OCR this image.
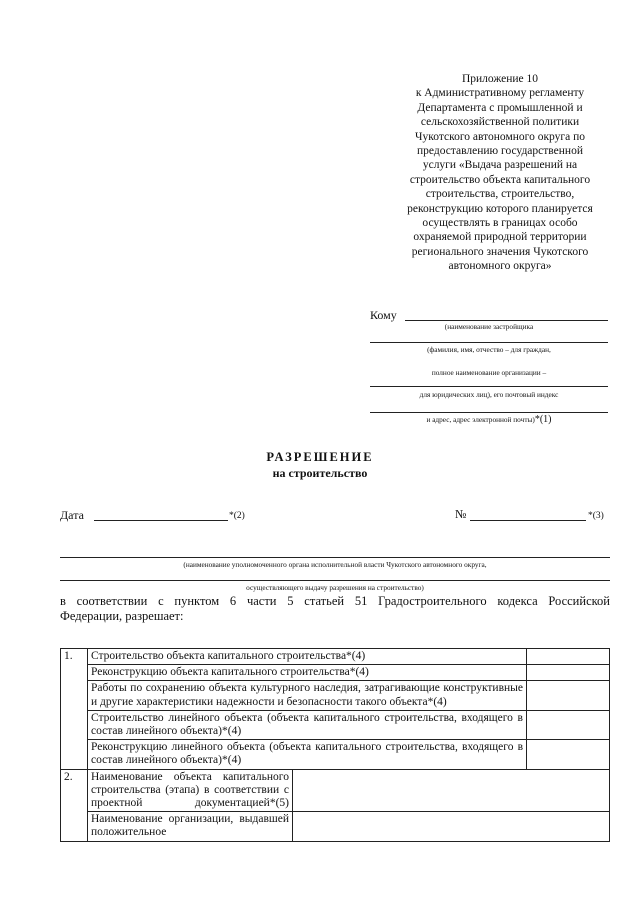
Приложение 10
к Административному регламенту
Департамента с промышленной и
сельскохозяйственной политики
Чукотского автономного округа по
предоставлению государственной
услуги «Выдача разрешений на
строительство объекта капитального
строительства, строительство,
реконструкцию которого планируется
осуществлять в границах особо
охраняемой природной территории
регионального значения Чукотского
автономного округа»
Кому
(наименование застройщика
(фамилия, имя, отчество – для граждан,
полное наименование организации –
для юридических лиц), его почтовый индекс
и адрес, адрес электронной почты)*(1)
РАЗРЕШЕНИЕ
на строительство
Дата	*(2)	№	*(3)
(наименование уполномоченного органа исполнительной власти Чукотского автономного округа,
осуществляющего выдачу разрешения на строительство)
в соответствии с пунктом 6 части 5 статьей 51 Градостроительного кодекса Российской
Федерации, разрешает:
1.	Строительство объекта капитального строительства*(4)		
	Реконструкцию объекта капитального строительства*(4)		
	Работы по сохранению объекта культурного наследия, затрагивающие конструктивные и другие характеристики надежности и безопасности такого объекта*(4)		
	Строительство линейного объекта (объекта капитального строительства, входящего в состав линейного объекта)*(4)		
	Реконструкцию линейного объекта (объекта капитального строительства, входящего в состав линейного объекта)*(4)		
2.	Наименование объекта капитального строительства (этапа) в соответствии с проектной документацией*(5)		

	Наименование организации, выдавшей положительное		
